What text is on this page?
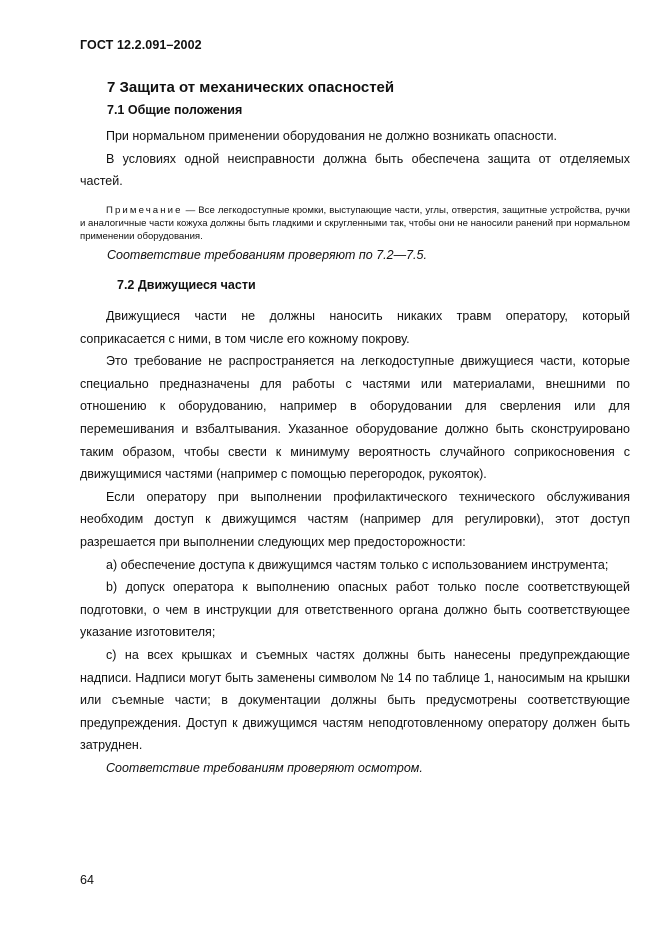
ГОСТ 12.2.091–2002
7 Защита от механических опасностей
7.1 Общие положения

При нормальном применении оборудования не должно возникать опасности.

В условиях одной неисправности должна быть обеспечена защита от отделяемых частей.

Примечание — Все легкодоступные кромки, выступающие части, углы, отверстия, защитные устройства, ручки и аналогичные части кожуха должны быть гладкими и скругленными так, чтобы они не наносили ранений при нормальном применении оборудования.
Соответствие требованиям проверяют по 7.2—7.5.
7.2 Движущиеся части

Движущиеся части не должны наносить никаких травм оператору, который соприкасается с ними, в том числе его кожному покрову.

Это требование не распространяется на легкодоступные движущиеся части, которые специально предназначены для работы с частями или материалами, внешними по отношению к оборудованию, например в оборудовании для сверления или для перемешивания и взбалтывания. Указанное оборудование должно быть сконструировано таким образом, чтобы свести к минимуму вероятность случайного соприкосновения с движущимися частями (например с помощью перегородок, рукояток).

Если оператору при выполнении профилактического технического обслуживания необходим доступ к движущимся частям (например для регулировки), этот доступ разрешается при выполнении следующих мер предосторожности:

a) обеспечение доступа к движущимся частям только с использованием инструмента;

b) допуск оператора к выполнению опасных работ только после соответствующей подготовки, о чем в инструкции для ответственного органа должно быть соответствующее указание изготовителя;

c) на всех крышках и съемных частях должны быть нанесены предупреждающие надписи. Надписи могут быть заменены символом № 14 по таблице 1, наносимым на крышки или съемные части; в документации должны быть предусмотрены соответствующие предупреждения. Доступ к движущимся частям неподготовленному оператору должен быть затруднен.

Соответствие требованиям проверяют осмотром.

64
